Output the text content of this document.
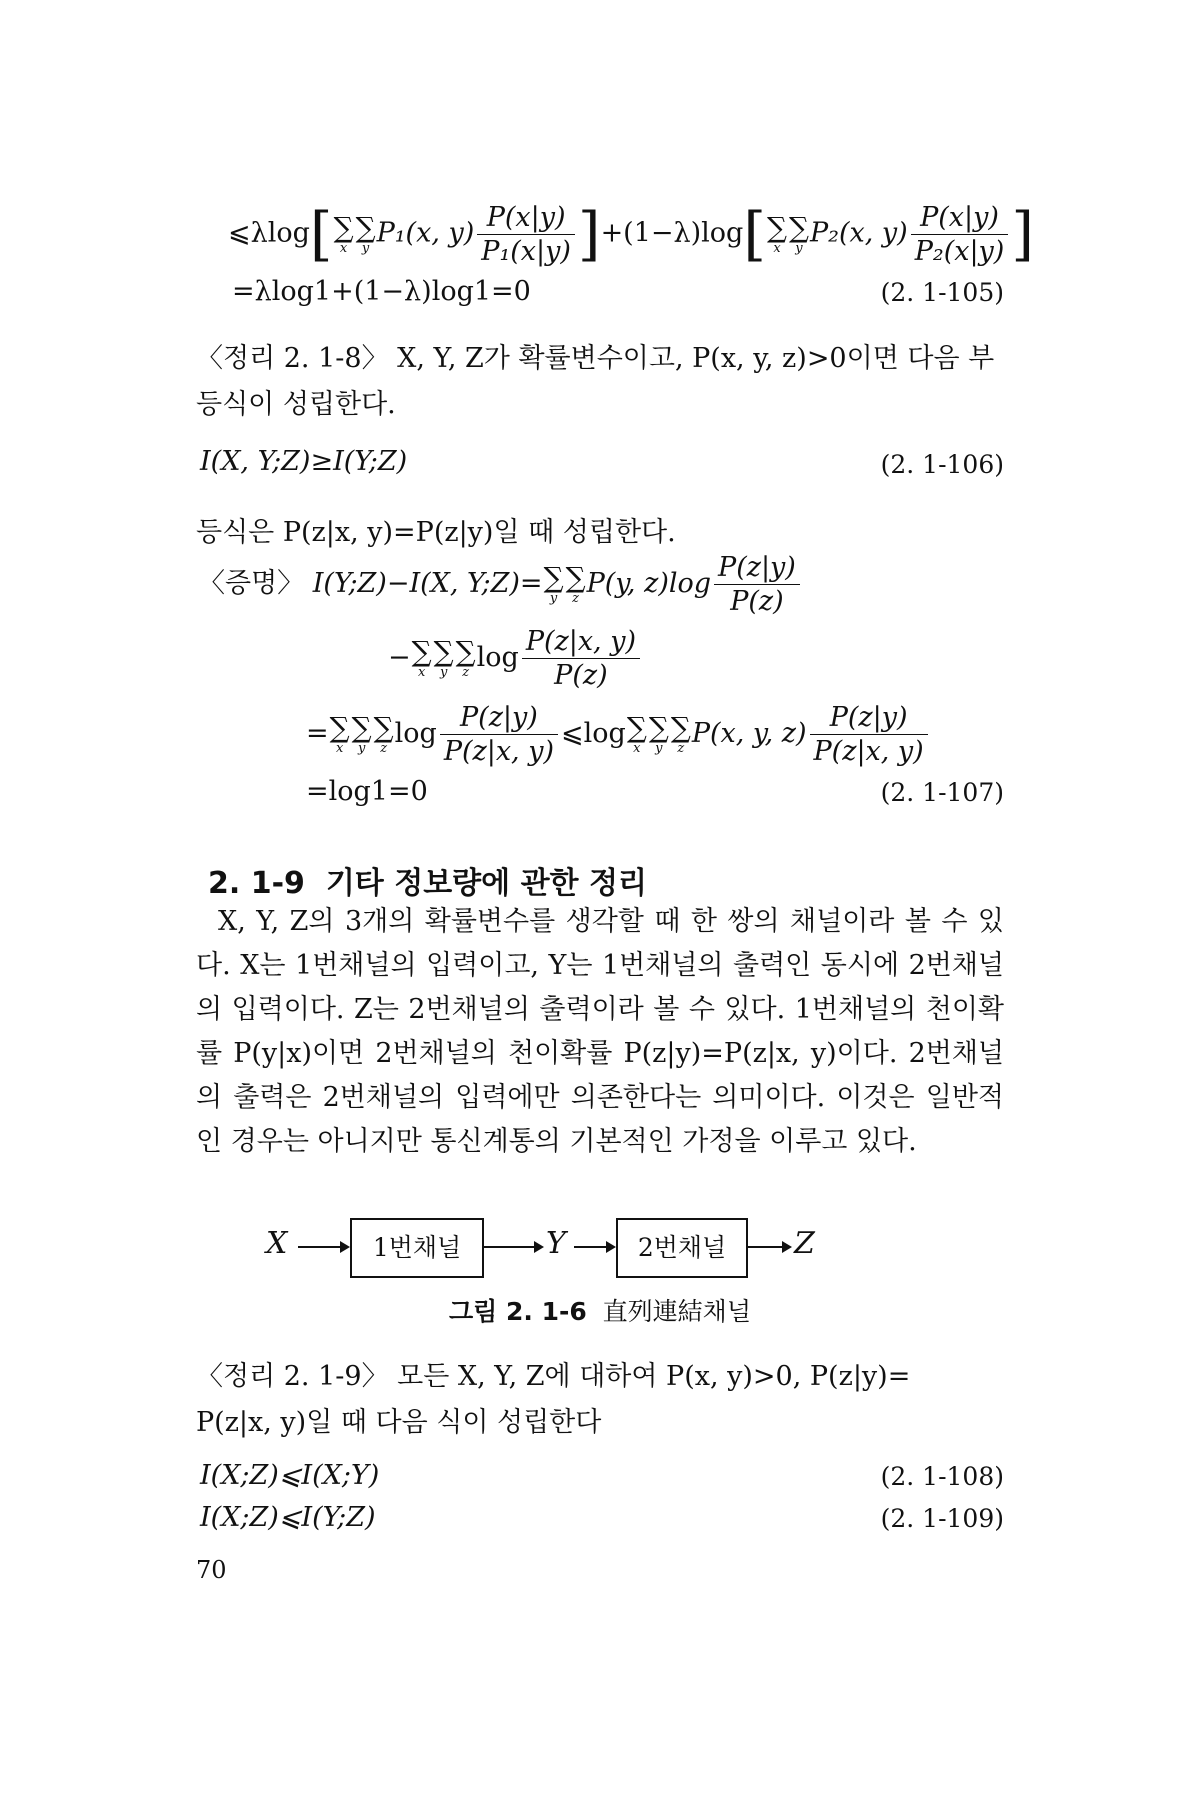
⩽λlog[ ∑
x
∑
y P₁(x, $y) \frac{P(x|y)}{\text{P₁(x|y)}} ]+(1-\lambda)\log$[ ∑
x
∑
y P₂(x, $y) \frac{P(x|y)}{\text{P₂(x|y)}}$ ]
=λlog1+(1−λ)log1=0	(2. 1-105)
〈정리 2. 1-8〉 X, Y, Z가 확률변수이고, P(x, y, z)>0이면 다음 부
등식이 성립한다.
I(X, Y;Z)≥I(Y;Z)	(2. 1-106)
등식은 P(z|x, y)=P(z|y)일 때 성립한다.
〈증명〉 I(Y;Z)−I(X, Y;Z)= ∑
y
∑
z P(y, $z)\log \frac{P(z|y)}{P(z)}$
− ∑
x
∑
y
∑
z $\log \frac{P(z|x, y)}{P(z)}$
= ∑
x
∑
y
∑
z $\log \frac{P(z|y)}{P(z|x, y)}$ ⩽log ∑
x
∑
y
∑
z P(x, y, $z) \frac{P(z|y)}{P(z|x, y)}$
=log1=0	(2. 1-107)
2. 1-9 기타 정보량에 관한 정리
X, Y, Z의 3개의 확률변수를 생각할 때 한 쌍의 채널이라 볼 수 있다. X는 1번채널의 입력이고, Y는 1번채널의 출력인 동시에 2번채널의 입력이다. Z는 2번채널의 출력이라 볼 수 있다. 1번채널의 천이확률 P(y|x)이면 2번채널의 천이확률 P(z|y)=P(z|x, y)이다. 2번채널의 출력은 2번채널의 입력에만 의존한다는 의미이다. 이것은 일반적인 경우는 아니지만 통신계통의 기본적인 가정을 이루고 있다.
X	1번채널	Y	2번채널	Z
그림 2. 1-6 直列連結채널
〈정리 2. 1-9〉 모든 X, Y, Z에 대하여 P(x, y)>0, P(z|y)=
P(z|x, y)일 때 다음 식이 성립한다
I(X;Z)⩽I(X;Y)	(2. 1-108)
I(X;Z)⩽I(Y;Z)	(2. 1-109)
70
